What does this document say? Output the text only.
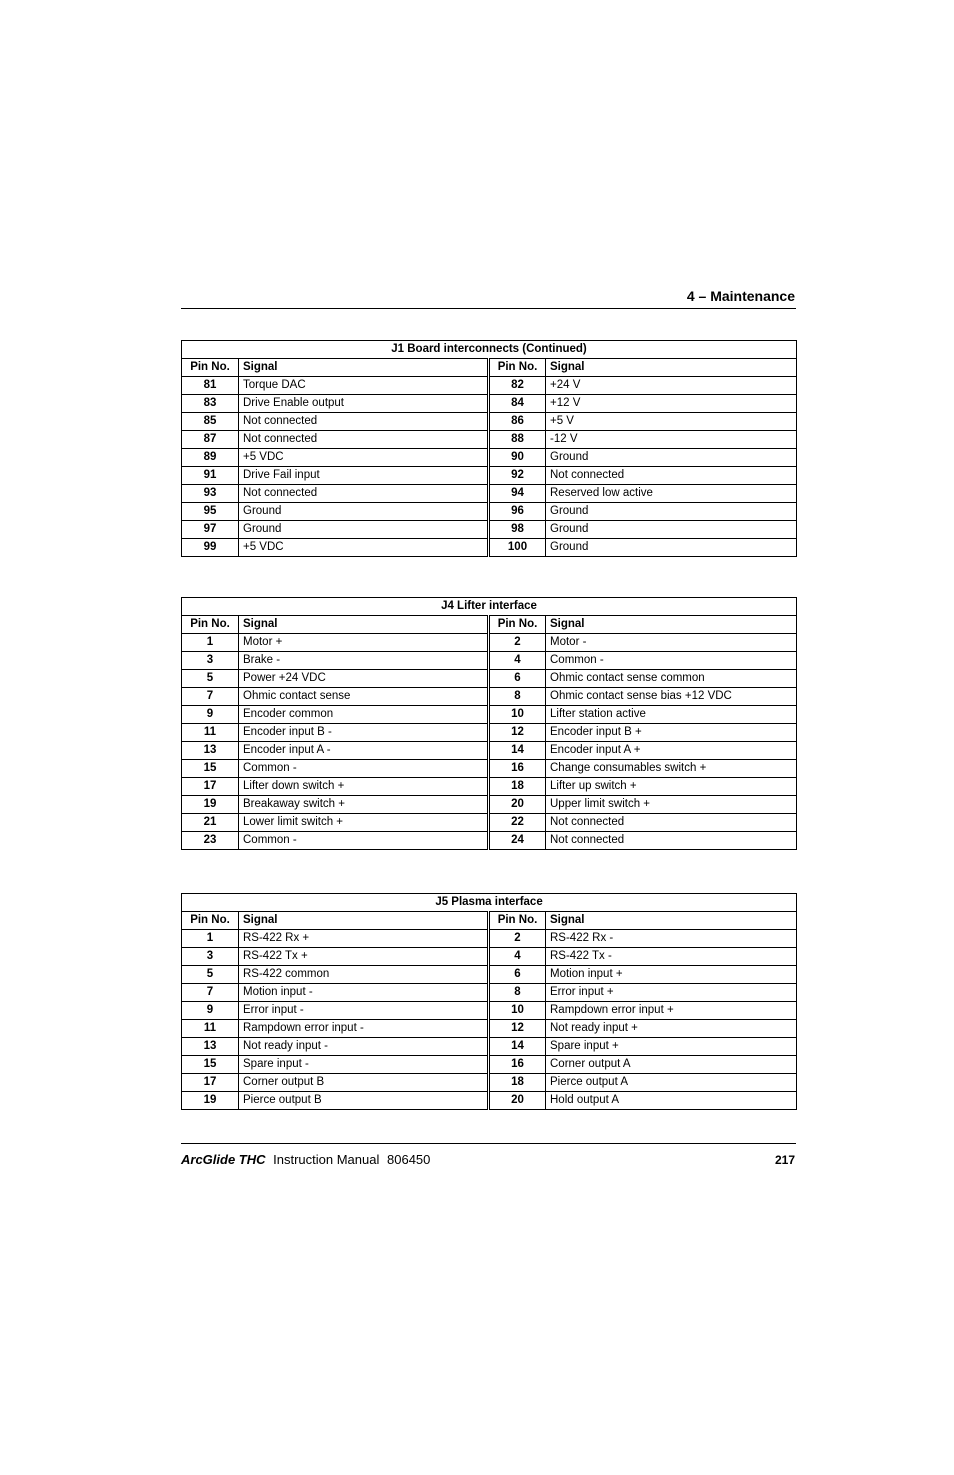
4 – Maintenance
J1 Board interconnects (Continued)			
Pin No.	Signal	Pin No.	Signal
81	Torque DAC	82	+24 V
83	Drive Enable output	84	+12 V
85	Not connected	86	+5 V
87	Not connected	88	-12 V
89	+5 VDC	90	Ground
91	Drive Fail input	92	Not connected
93	Not connected	94	Reserved low active
95	Ground	96	Ground
97	Ground	98	Ground
99	+5 VDC	100	Ground
J4 Lifter interface			
Pin No.	Signal	Pin No.	Signal
1	Motor +	2	Motor -
3	Brake -	4	Common -
5	Power +24 VDC	6	Ohmic contact sense common
7	Ohmic contact sense	8	Ohmic contact sense bias +12 VDC
9	Encoder common	10	Lifter station active
11	Encoder input B -	12	Encoder input B +
13	Encoder input A -	14	Encoder input A +
15	Common -	16	Change consumables switch +
17	Lifter down switch +	18	Lifter up switch +
19	Breakaway switch +	20	Upper limit switch +
21	Lower limit switch +	22	Not connected
23	Common -	24	Not connected
J5 Plasma interface			
Pin No.	Signal	Pin No.	Signal
1	RS-422 Rx +	2	RS-422 Rx -
3	RS-422 Tx +	4	RS-422 Tx -
5	RS-422 common	6	Motion input +
7	Motion input -	8	Error input +
9	Error input -	10	Rampdown error input +
11	Rampdown error input -	12	Not ready input +
13	Not ready input -	14	Spare input +
15	Spare input -	16	Corner output A
17	Corner output B	18	Pierce output A
19	Pierce output B	20	Hold output A
ArcGlide THC Instruction Manual 806450	217
